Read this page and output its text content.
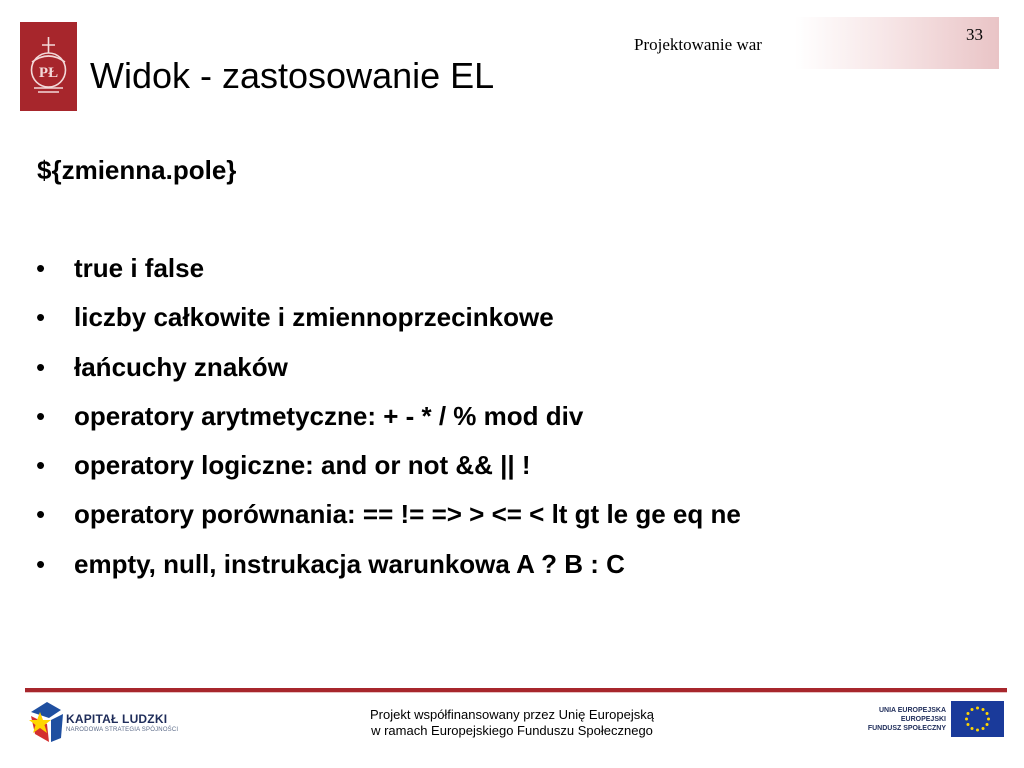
PŁ
Projektowanie war
33
Widok - zastosowanie EL
${zmienna.pole}
•	true i false
•	liczby całkowite i zmiennoprzecinkowe
•	łańcuchy znaków
•	operatory arytmetyczne: + - * / % mod div
•	operatory logiczne: and or not && || !
•	operatory porównania: == != => > <= < lt gt le ge eq ne
•	empty, null, instrukacja warunkowa A ? B : C
KAPITAŁ LUDZKI
NARODOWA STRATEGIA SPÓJNOŚCI
Projekt współfinansowany przez Unię Europejską
w ramach Europejskiego Funduszu Społecznego
UNIA EUROPEJSKA
EUROPEJSKI
FUNDUSZ SPOŁECZNY
